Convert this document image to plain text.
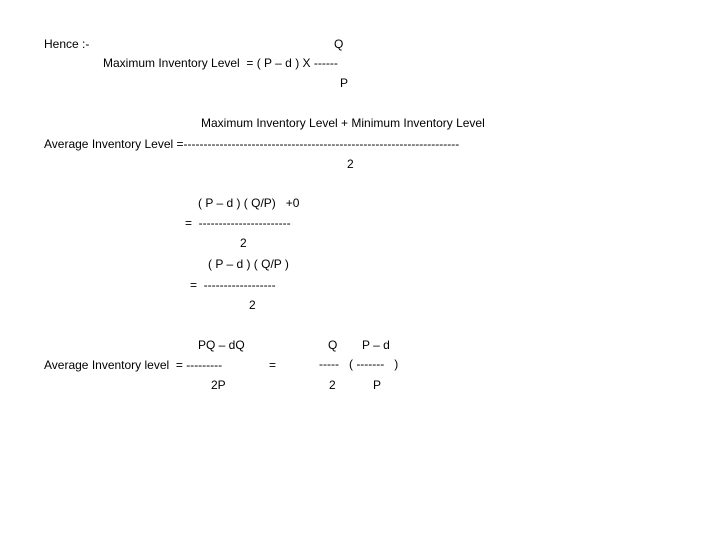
Hence :-	Q
Maximum Inventory Level  = ( P – d ) X ------
P
Maximum Inventory Level + Minimum Inventory Level
Average Inventory Level =---------------------------------------------------------------------
2
( P – d ) ( Q/P)   +0
=  -----------------------
2
( P – d ) ( Q/P )
=  ------------------
2
PQ – dQ
Average Inventory level  = ---------
2P
=
Q P – d
-----   ( -------   )
2	P
